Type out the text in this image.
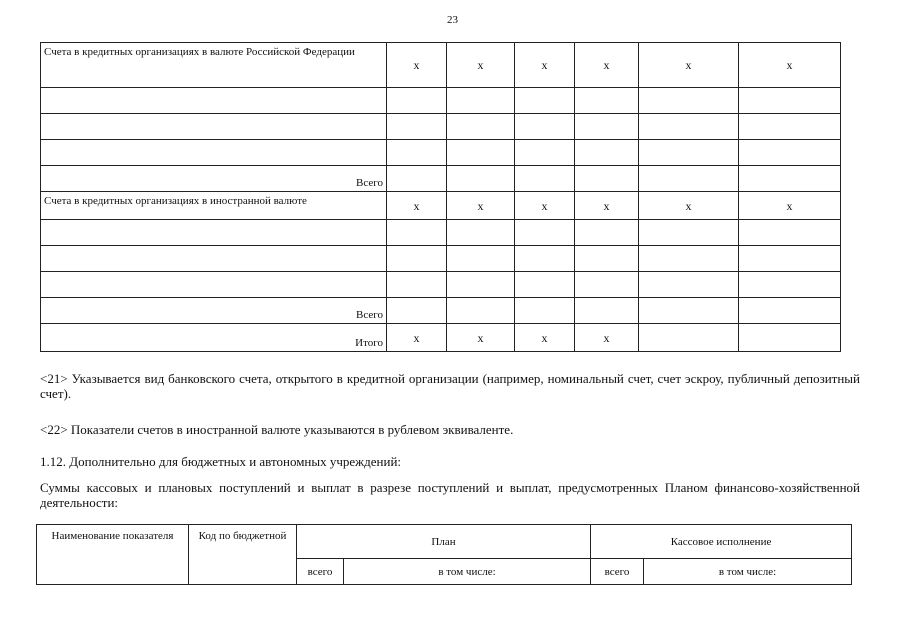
23
Счета в кредитных организациях в валюте Российской Федерации	x	x	x	x	x	x

Всего						
Счета в кредитных организациях в иностранной валюте	x	x	x	x	x	x

Всего						
Итого	x	x	x	x		
<21> Указывается вид банковского счета, открытого в кредитной организации (например, номинальный счет, счет эскроу, публичный депозитный счет).
<22> Показатели счетов в иностранной валюте указываются в рублевом эквиваленте.
1.12. Дополнительно для бюджетных и автономных учреждений:
Суммы кассовых и плановых поступлений и выплат в разрезе поступлений и выплат, предусмотренных Планом финансово-хозяйственной деятельности:
Наименование показателя	Код по бюджетной	План		Кассовое исполнение	
		всего	в том числе:	всего	в том числе:
